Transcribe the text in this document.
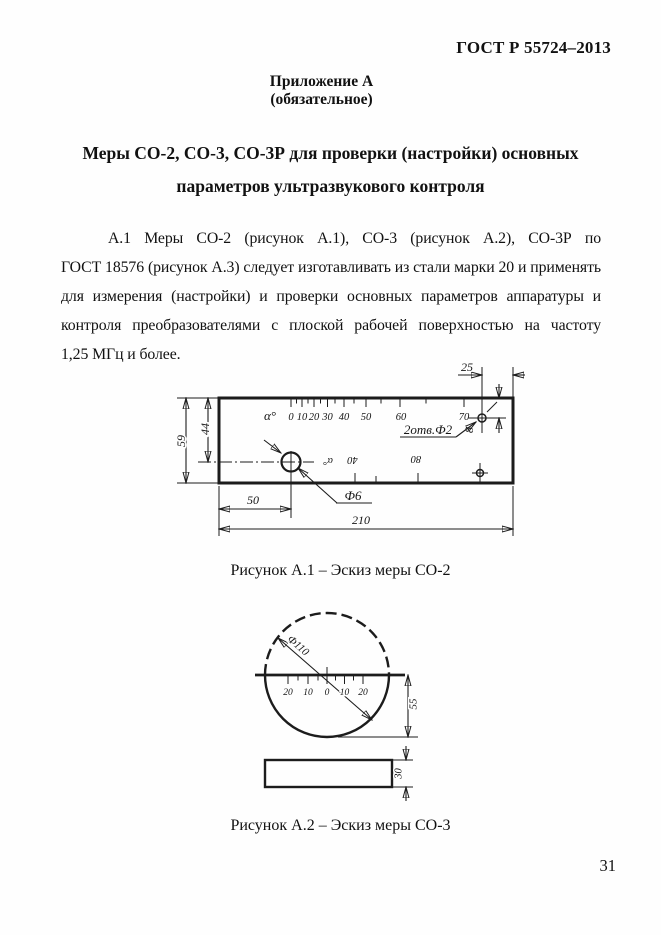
ГОСТ Р 55724–2013
Приложение А
(обязательное)
Меры СО-2, СО-3, СО-3Р для проверки (настройки) основных
параметров ультразвукового контроля
А.1 Меры СО-2 (рисунок А.1), СО-3 (рисунок А.2), СО-3Р по
ГОСТ 18576 (рисунок А.3) следует изготавливать из стали марки 20 и применять
для измерения (настройки) и проверки основных параметров аппаратуры и
контроля преобразователями с плоской рабочей поверхностью на частоту
1,25 МГц и более.
59
44
Ф6
50
210
α° 0 10 20 30 40 50 60	70
α° 40	80
25
8
2отв.Ф2
Рисунок А.1 – Эскиз меры СО-2
Ф110
20 10 0 10 20
55
30
Рисунок А.2 – Эскиз меры СО-3
31
